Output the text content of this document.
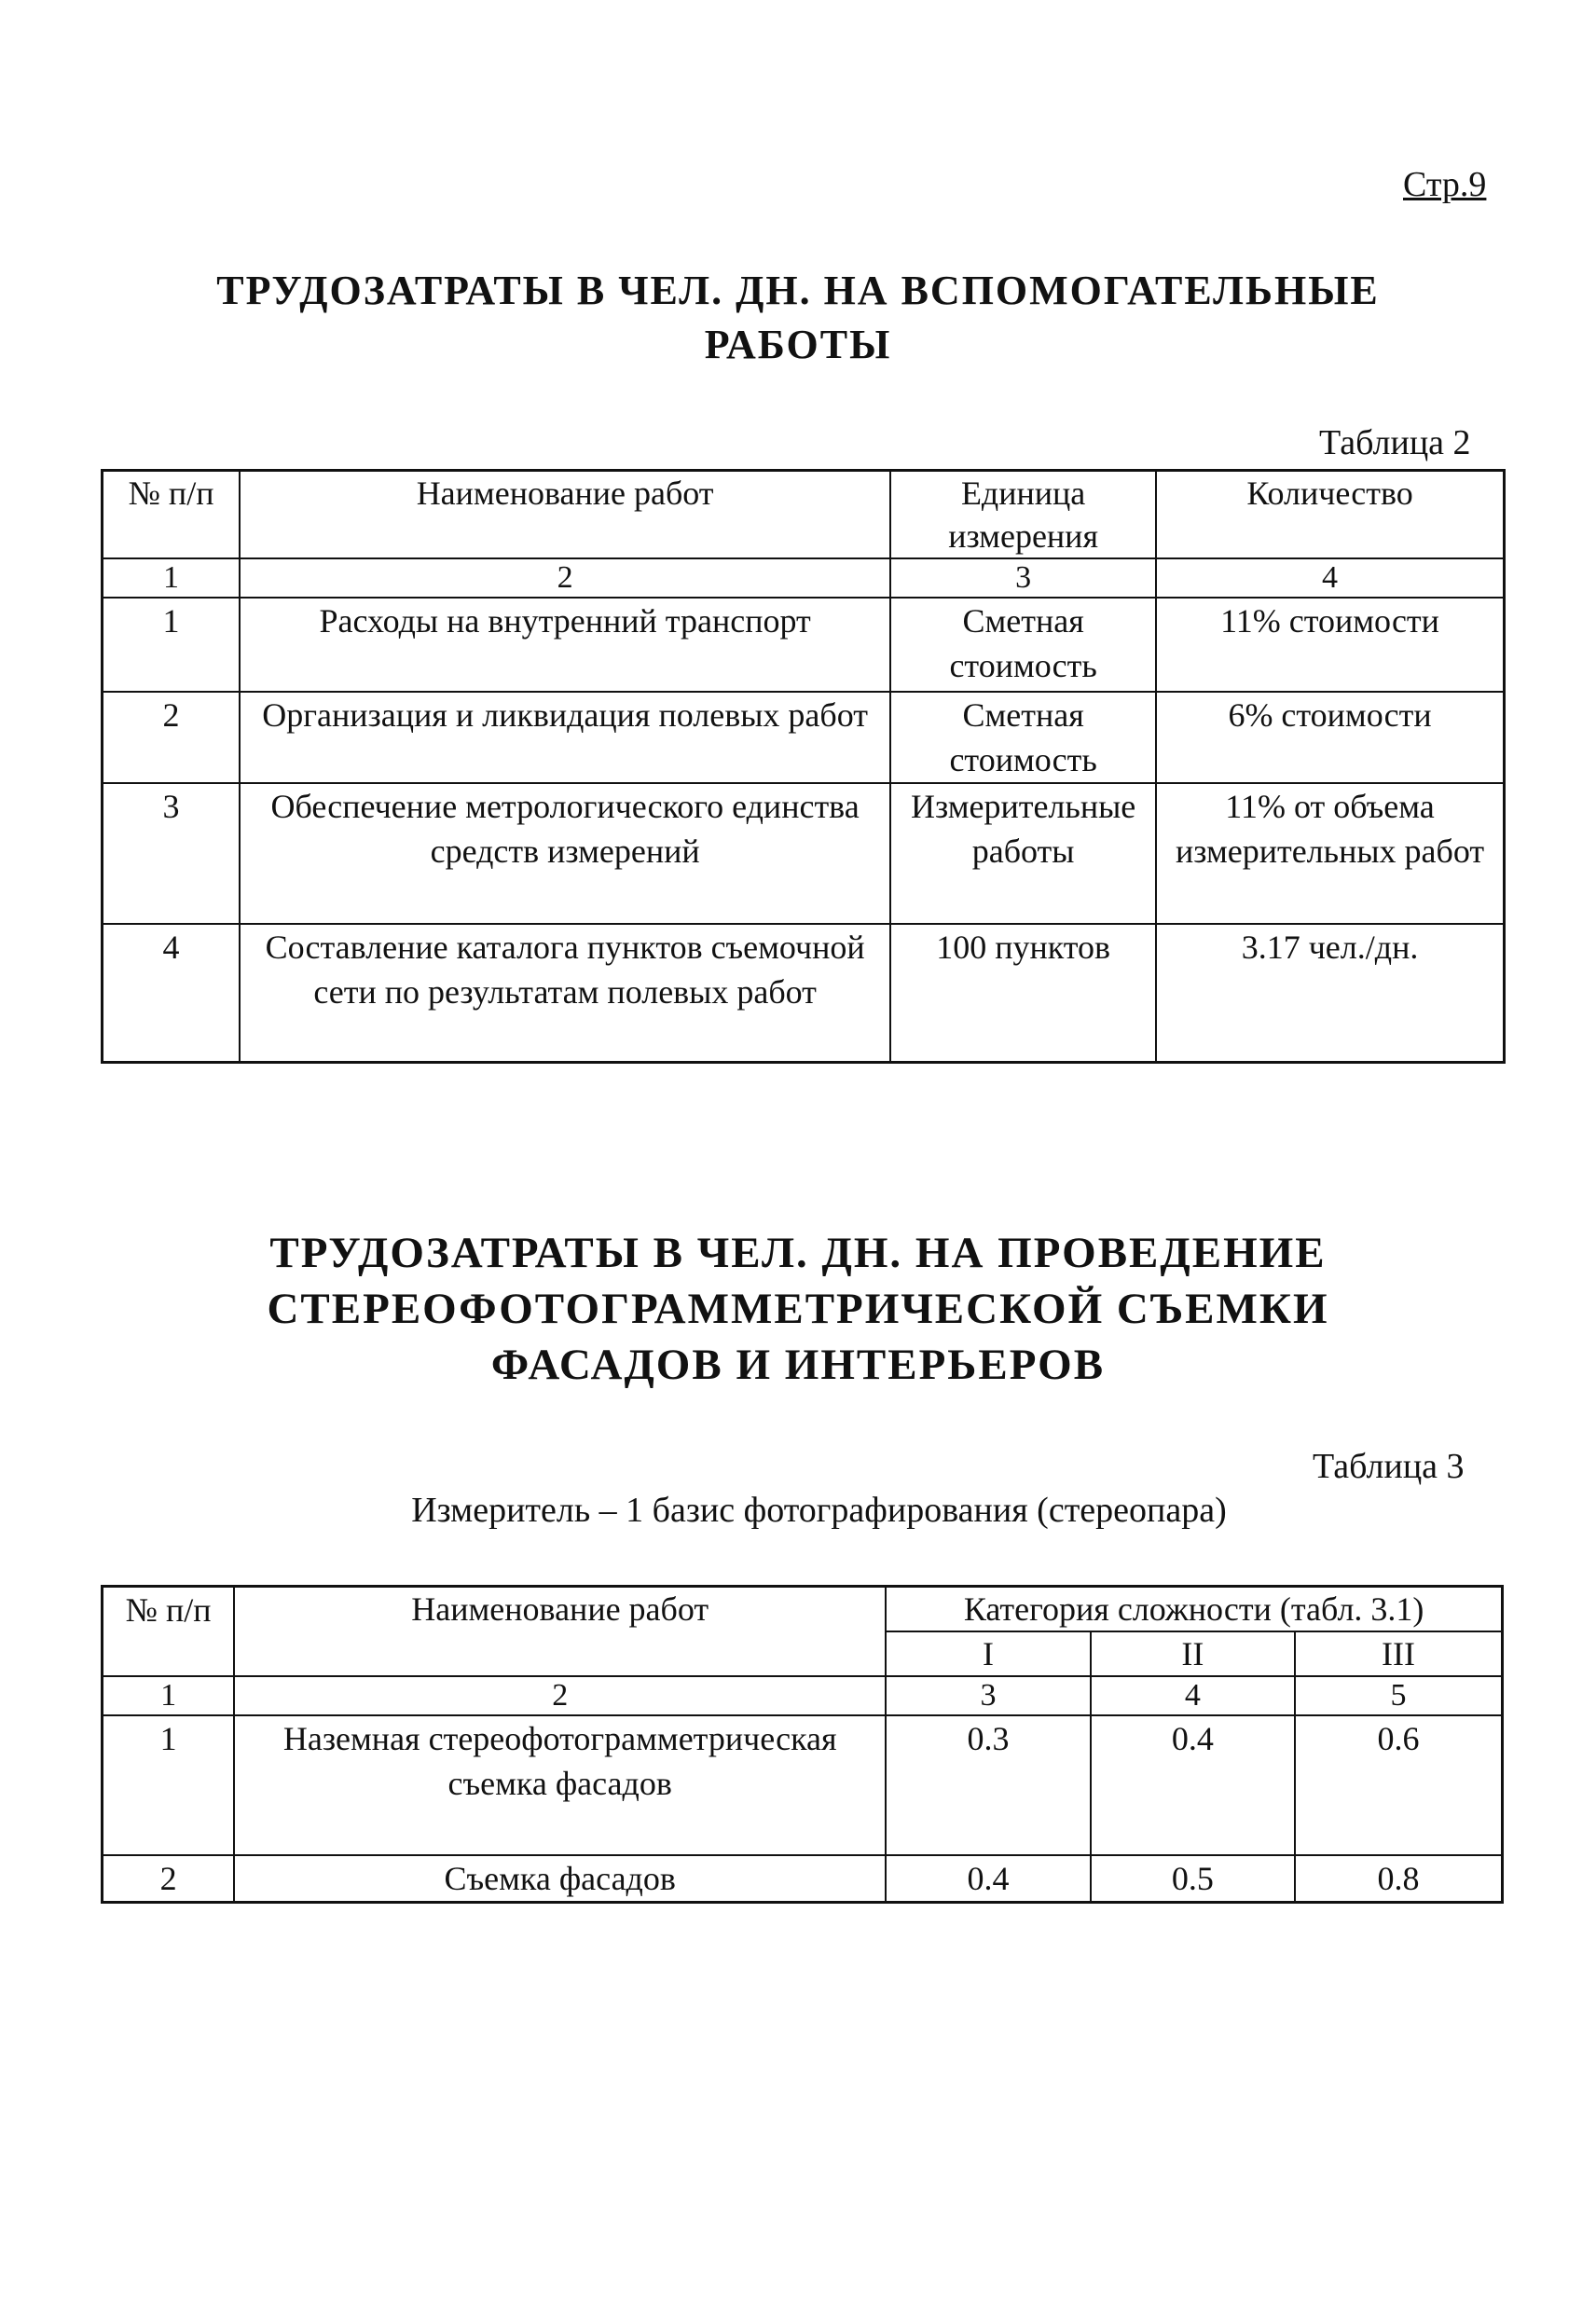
Стр.9
ТРУДОЗАТРАТЫ В ЧЕЛ. ДН. НА ВСПОМОГАТЕЛЬНЫЕ РАБОТЫ
Таблица 2
№ п/п	Наименование работ	Единица измерения	Количество
1	2	3	4
1	Расходы на внутренний транспорт	Сметная стоимость	11% стоимости
2	Организация и ликвидация полевых работ	Сметная стоимость	6% стоимости
3	Обеспечение метрологического единства средств измерений	Измерительные работы	11% от объема измерительных работ
4	Составление каталога пунктов съемочной сети по результатам полевых работ	100 пунктов	3.17 чел./дн.
ТРУДОЗАТРАТЫ В ЧЕЛ. ДН. НА ПРОВЕДЕНИЕ СТЕРЕОФОТОГРАММЕТРИЧЕСКОЙ СЪЕМКИ ФАСАДОВ И ИНТЕРЬЕРОВ
Таблица 3
Измеритель – 1 базис фотографирования (стереопара)
№ п/п	Наименование работ	Категория сложности (табл. 3.1)		
		I	II	III
1	2	3	4	5
1	Наземная стереофотограмметрическая съемка фасадов	0.3	0.4	0.6
2	Съемка фасадов	0.4	0.5	0.8
